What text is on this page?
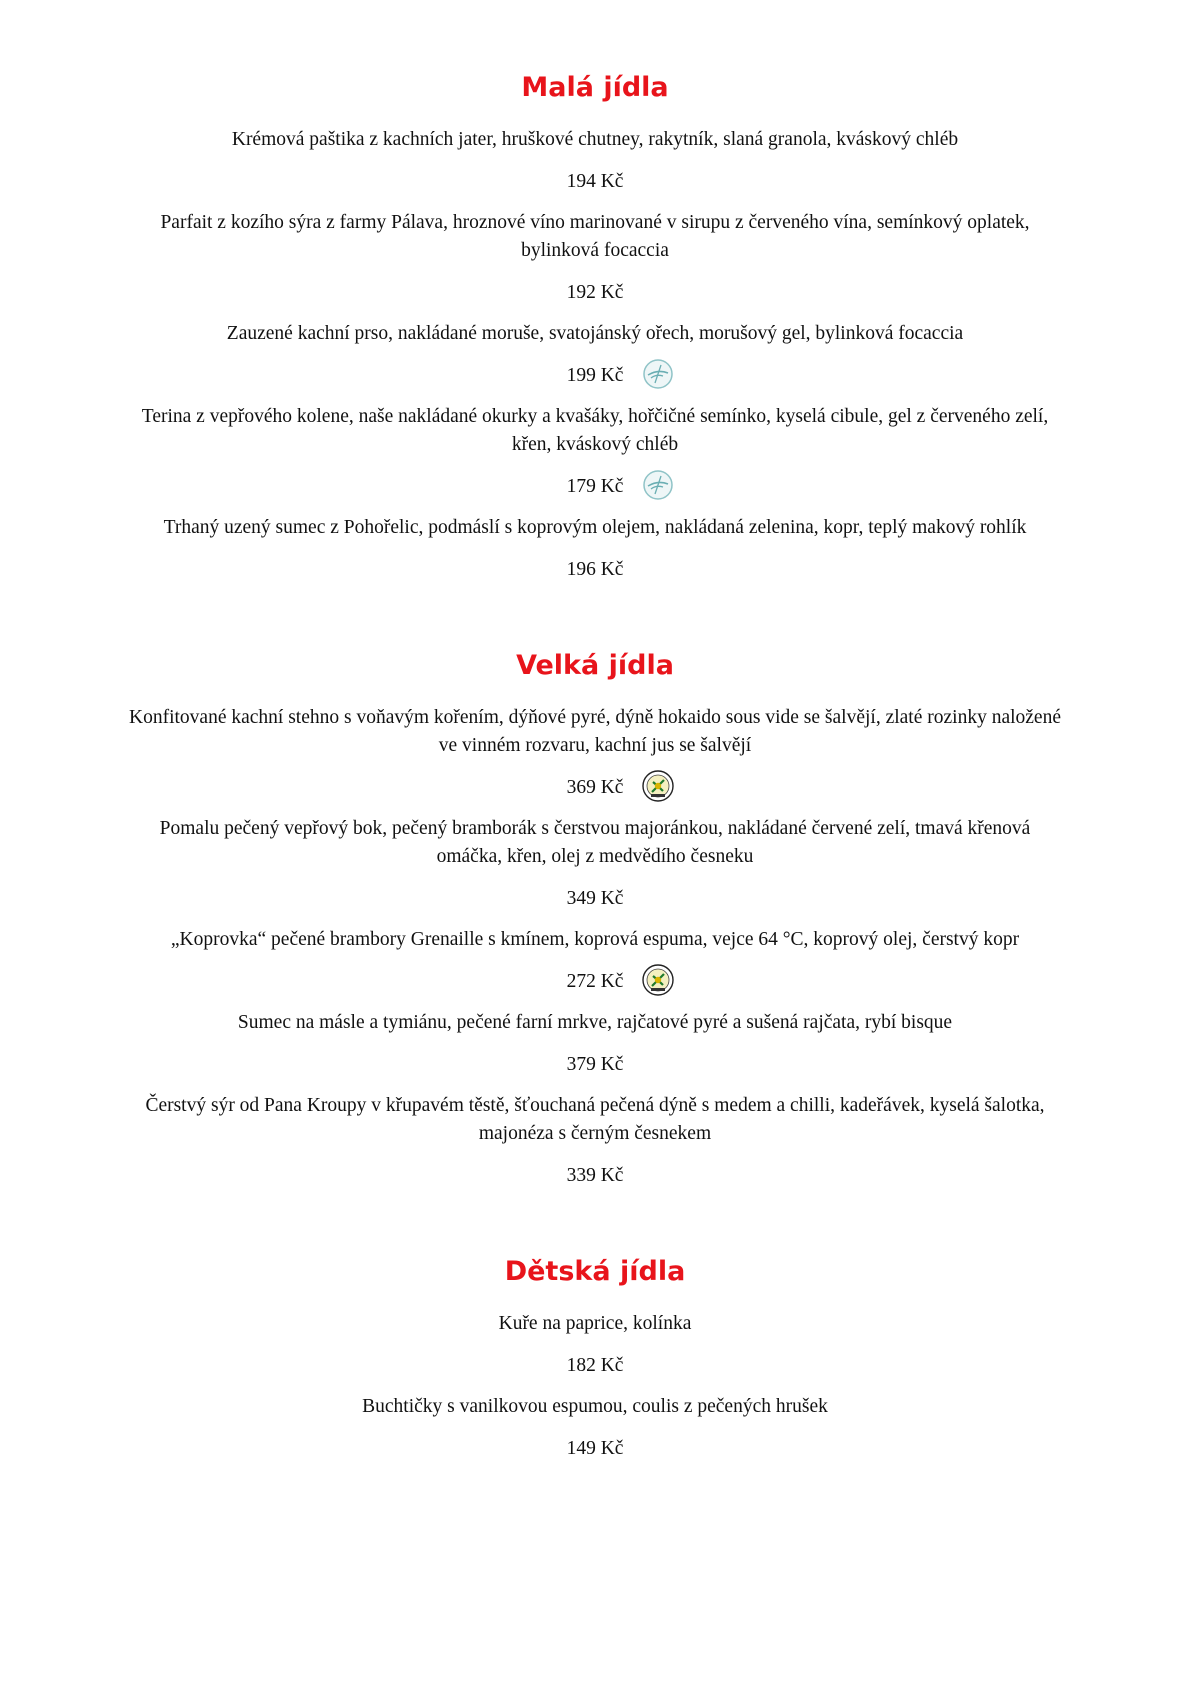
Malá jídla

Krémová paštika z kachních jater, hruškové chutney, rakytník, slaná granola, kváskový chléb

194 Kč

Parfait z kozího sýra z farmy Pálava, hroznové víno marinované v sirupu z červeného vína, semínkový oplatek, bylinková focaccia

192 Kč

Zauzené kachní prso, nakládané moruše, svatojánský ořech, morušový gel, bylinková focaccia

199 Kč

Terina z vepřového kolene, naše nakládané okurky a kvašáky, hořčičné semínko, kyselá cibule, gel z červeného zelí, křen, kváskový chléb

179 Kč

Trhaný uzený sumec z Pohořelic, podmáslí s koprovým olejem, nakládaná zelenina, kopr, teplý makový rohlík

196 Kč
Velká jídla

Konfitované kachní stehno s voňavým kořením, dýňové pyré, dýně hokaido sous vide se šalvějí, zlaté rozinky naložené ve vinném rozvaru, kachní jus se šalvějí

369 Kč

Pomalu pečený vepřový bok, pečený bramborák s čerstvou majoránkou, nakládané červené zelí, tmavá křenová omáčka, křen, olej z medvědího česneku

349 Kč

„Koprovka“ pečené brambory Grenaille s kmínem, koprová espuma, vejce 64 °C, koprový olej, čerstvý kopr

272 Kč

Sumec na másle a tymiánu, pečené farní mrkve, rajčatové pyré a sušená rajčata, rybí bisque

379 Kč

Čerstvý sýr od Pana Kroupy v křupavém těstě, šťouchaná pečená dýně s medem a chilli, kadeřávek, kyselá šalotka, majonéza s černým česnekem

339 Kč
Dětská jídla

Kuře na paprice, kolínka

182 Kč

Buchtičky s vanilkovou espumou, coulis z pečených hrušek

149 Kč
